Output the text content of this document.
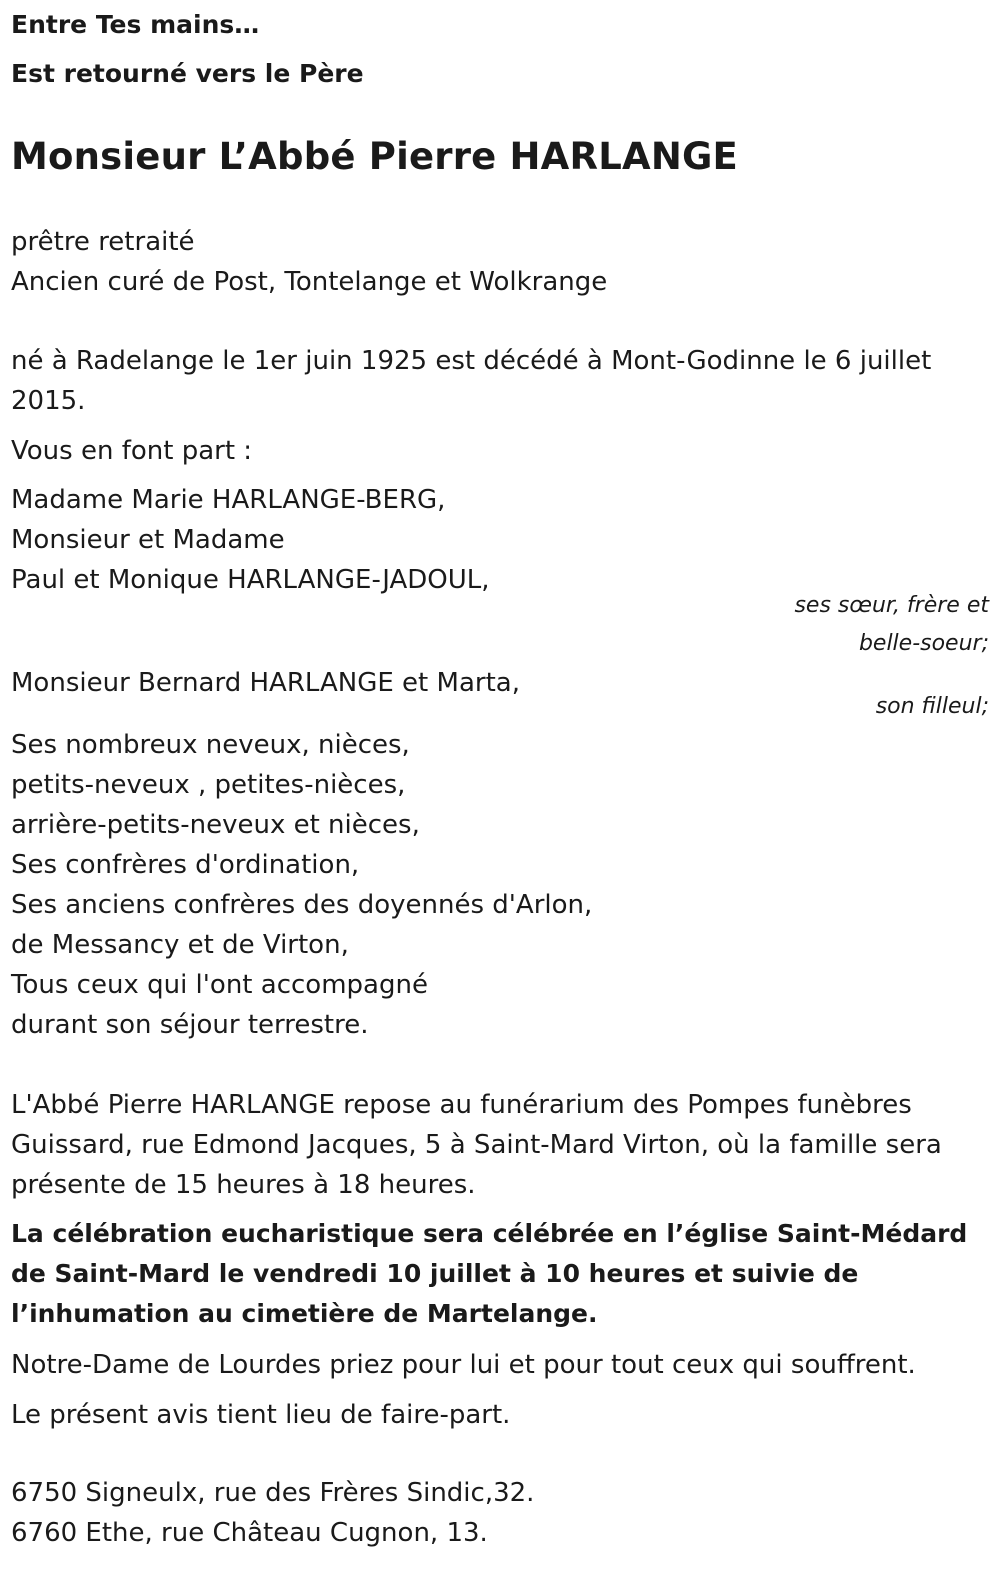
Entre Tes mains…
Est retourné vers le Père
Monsieur L’Abbé Pierre HARLANGE
prêtre retraité
Ancien curé de Post, Tontelange et Wolkrange
né à Radelange le 1er juin 1925 est décédé à Mont-Godinne le 6 juillet 2015.
Vous en font part :
Madame Marie HARLANGE-BERG,
Monsieur et Madame
Paul et Monique HARLANGE-JADOUL,
ses sœur, frère et
belle-soeur;
Monsieur Bernard HARLANGE et Marta,
son filleul;
Ses nombreux neveux, nièces,
petits-neveux , petites-nièces,
arrière-petits-neveux et nièces,
Ses confrères d'ordination,
Ses anciens confrères des doyennés d'Arlon,
de Messancy et de Virton,
Tous ceux qui l'ont accompagné
durant son séjour terrestre.
L'Abbé Pierre HARLANGE repose au funérarium des Pompes funèbres
Guissard, rue Edmond Jacques, 5 à Saint-Mard Virton, où la famille sera
présente de 15 heures à 18 heures.
La célébration eucharistique sera célébrée en l’église Saint-Médard
de Saint-Mard le vendredi 10 juillet à 10 heures et suivie de
l’inhumation au cimetière de Martelange.
Notre-Dame de Lourdes priez pour lui et pour tout ceux qui souffrent.
Le présent avis tient lieu de faire-part.
6750 Signeulx, rue des Frères Sindic,32.
6760 Ethe, rue Château Cugnon, 13.
